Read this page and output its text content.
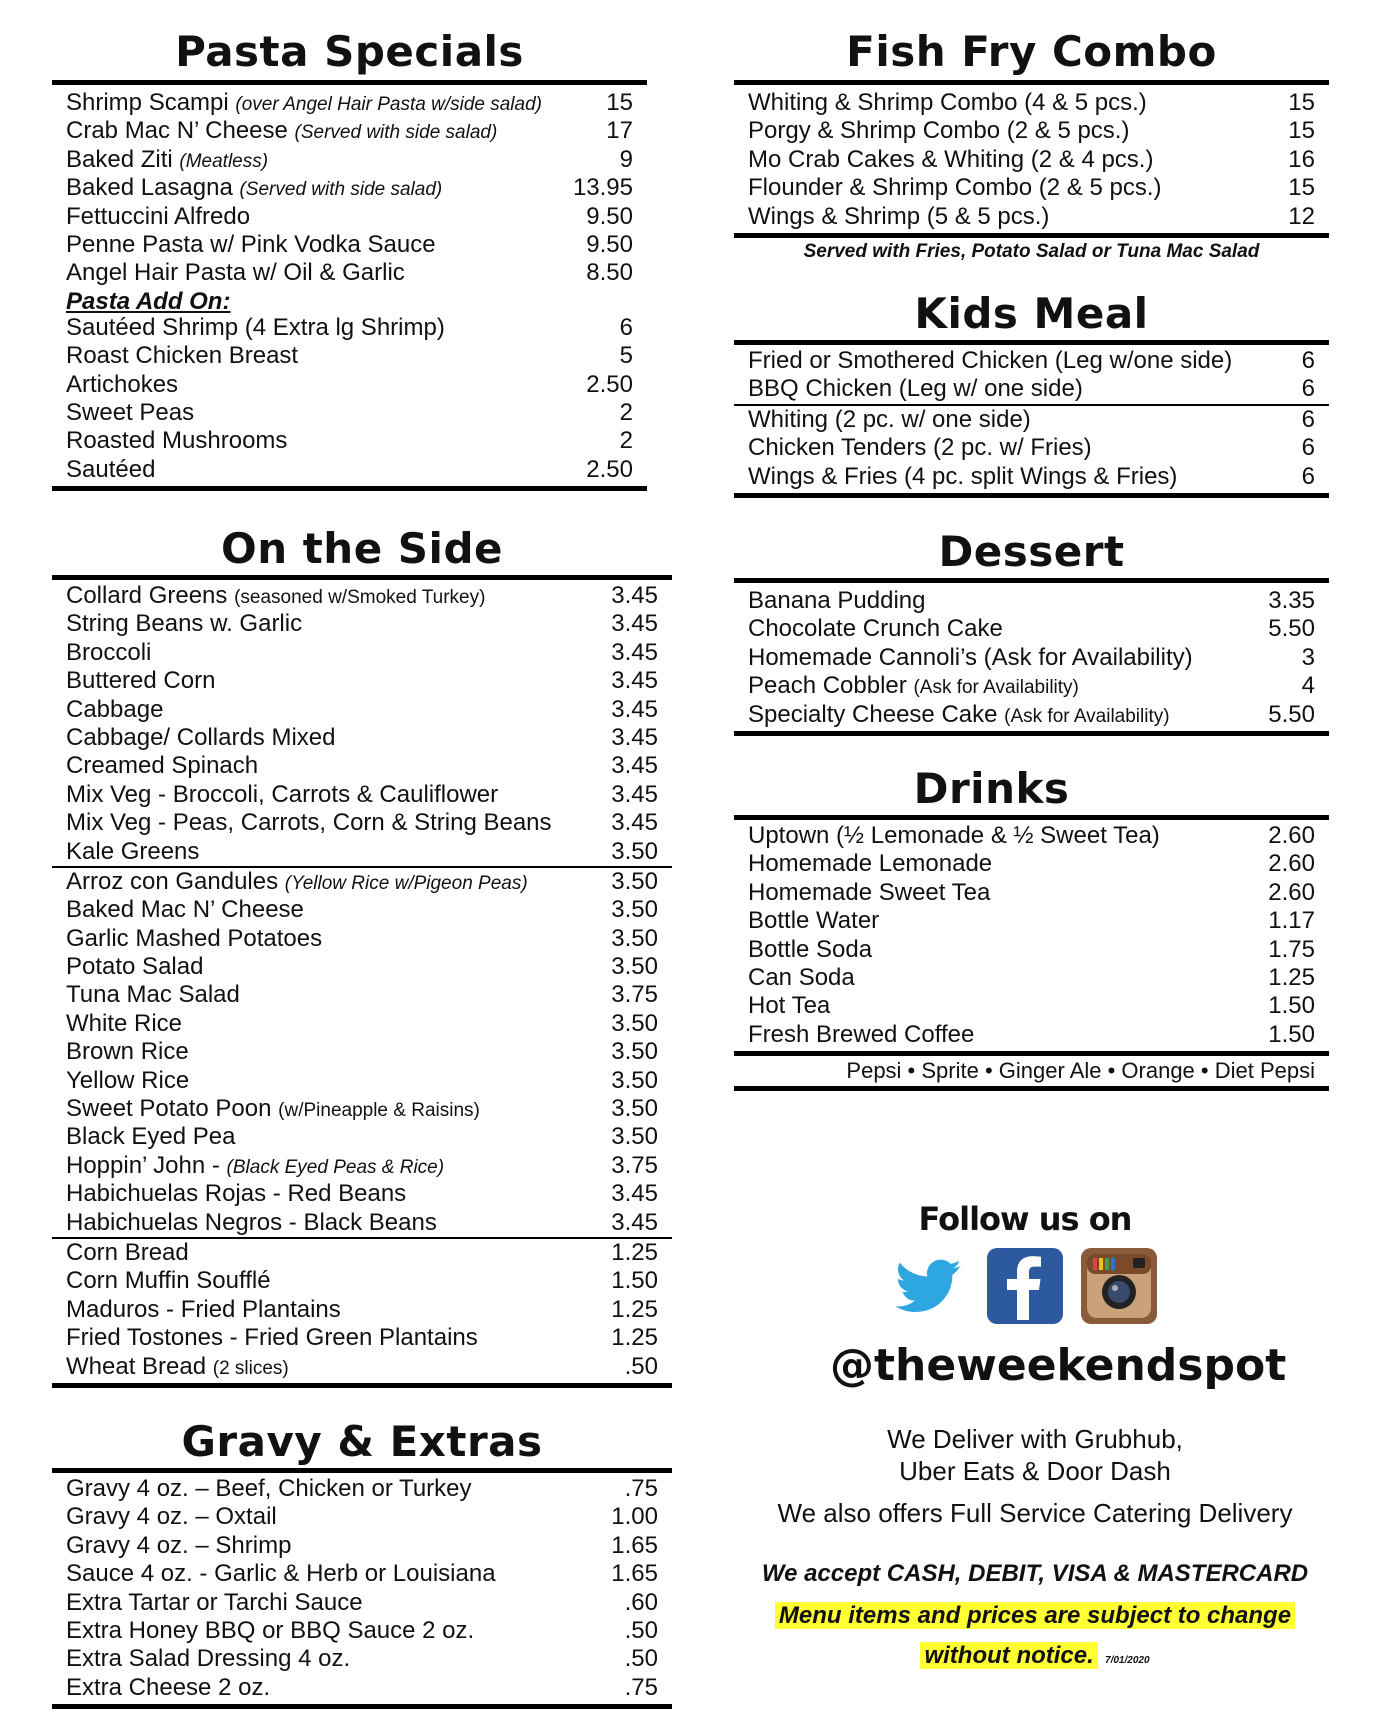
Pasta Specials
Shrimp Scampi (over Angel Hair Pasta w/side salad)	15
Crab Mac N’ Cheese (Served with side salad)	17
Baked Ziti (Meatless)	9
Baked Lasagna (Served with side salad)	13.95
Fettuccini Alfredo	9.50
Penne Pasta w/ Pink Vodka Sauce	9.50
Angel Hair Pasta w/ Oil & Garlic	8.50
Pasta Add On:
Sautéed Shrimp (4 Extra lg Shrimp)	6
Roast Chicken Breast	5
Artichokes	2.50
Sweet Peas	2
Roasted Mushrooms	2
Sautéed	2.50
On the Side
Collard Greens (seasoned w/Smoked Turkey)	3.45
String Beans w. Garlic	3.45
Broccoli	3.45
Buttered Corn	3.45
Cabbage	3.45
Cabbage/ Collards Mixed	3.45
Creamed Spinach	3.45
Mix Veg - Broccoli, Carrots & Cauliflower	3.45
Mix Veg - Peas, Carrots, Corn & String Beans	3.45
Kale Greens	3.50
Arroz con Gandules (Yellow Rice w/Pigeon Peas)	3.50
Baked Mac N’ Cheese	3.50
Garlic Mashed Potatoes	3.50
Potato Salad	3.50
Tuna Mac Salad	3.75
White Rice	3.50
Brown Rice	3.50
Yellow Rice	3.50
Sweet Potato Poon (w/Pineapple & Raisins)	3.50
Black Eyed Pea	3.50
Hoppin’ John - (Black Eyed Peas & Rice)	3.75
Habichuelas Rojas - Red Beans	3.45
Habichuelas Negros - Black Beans	3.45
Corn Bread	1.25
Corn Muffin Soufflé	1.50
Maduros - Fried Plantains	1.25
Fried Tostones - Fried Green Plantains	1.25
Wheat Bread (2 slices)	.50
Gravy & Extras
Gravy 4 oz. – Beef, Chicken or Turkey	.75
Gravy 4 oz. – Oxtail	1.00
Gravy 4 oz. – Shrimp	1.65
Sauce 4 oz. - Garlic & Herb or Louisiana	1.65
Extra Tartar or Tarchi Sauce	.60
Extra Honey BBQ or BBQ Sauce 2 oz.	.50
Extra Salad Dressing 4 oz.	.50
Extra Cheese 2 oz.	.75
Fish Fry Combo
Whiting & Shrimp Combo (4 & 5 pcs.)	15
Porgy & Shrimp Combo (2 & 5 pcs.)	15
Mo Crab Cakes & Whiting (2 & 4 pcs.)	16
Flounder & Shrimp Combo (2 & 5 pcs.)	15
Wings & Shrimp (5 & 5 pcs.)	12
Served with Fries, Potato Salad or Tuna Mac Salad
Kids Meal
Fried or Smothered Chicken (Leg w/one side)	6
BBQ Chicken (Leg w/ one side)	6
Whiting (2 pc. w/ one side)	6
Chicken Tenders (2 pc. w/ Fries)	6
Wings & Fries (4 pc. split Wings & Fries)	6
Dessert
Banana Pudding	3.35
Chocolate Crunch Cake	5.50
Homemade Cannoli’s (Ask for Availability)	3
Peach Cobbler (Ask for Availability)	4
Specialty Cheese Cake (Ask for Availability)	5.50
Drinks
Uptown (½ Lemonade & ½ Sweet Tea)	2.60
Homemade Lemonade	2.60
Homemade Sweet Tea	2.60
Bottle Water	1.17
Bottle Soda	1.75
Can Soda	1.25
Hot Tea	1.50
Fresh Brewed Coffee	1.50
Pepsi • Sprite • Ginger Ale • Orange • Diet Pepsi
Follow us on
@theweekendspot
We Deliver with Grubhub,
Uber Eats & Door Dash
We also offers Full Service Catering Delivery
We accept CASH, DEBIT, VISA & MASTERCARD
Menu items and prices are subject to change
without notice. 7/01/2020
